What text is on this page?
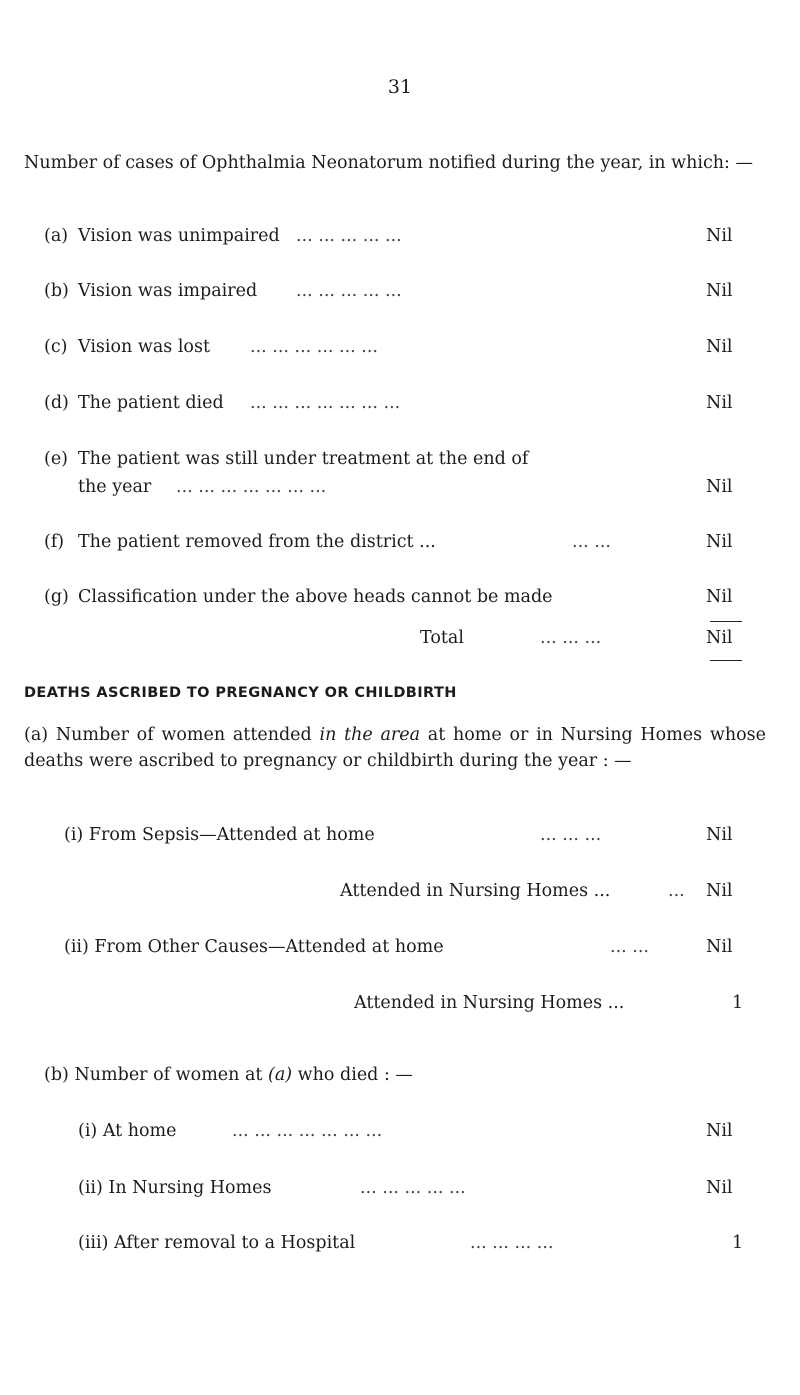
31
Number of cases of Ophthalmia Neonatorum notified during the year, in which: —
(a) Vision was unimpaired ... ... ... ... ...	Nil
(b) Vision was impaired ... ... ... ... ...	Nil
(c) Vision was lost ... ... ... ... ... ...	Nil
(d) The patient died ... ... ... ... ... ... ...	Nil
(e) The patient was still under treatment at the end of
the year ... ... ... ... ... ... ...	Nil
(f) The patient removed from the district ...	... ...	Nil
(g) Classification under the above heads cannot be made	Nil
Total	... ... ...	Nil
DEATHS ASCRIBED TO PREGNANCY OR CHILDBIRTH
(a) Number of women attended in the area at home or in Nursing Homes whose deaths were ascribed to pregnancy or childbirth during the year : —
(i) From Sepsis—Attended at home	... ... ...	Nil
Attended in Nursing Homes ...	... Nil
(ii) From Other Causes—Attended at home	... ...	Nil
Attended in Nursing Homes ...	1
(b) Number of women at (a) who died : —
(i) At home	... ... ... ... ... ... ...	Nil
(ii) In Nursing Homes	... ... ... ... ...	Nil
(iii) After removal to a Hospital	... ... ... ...	1
